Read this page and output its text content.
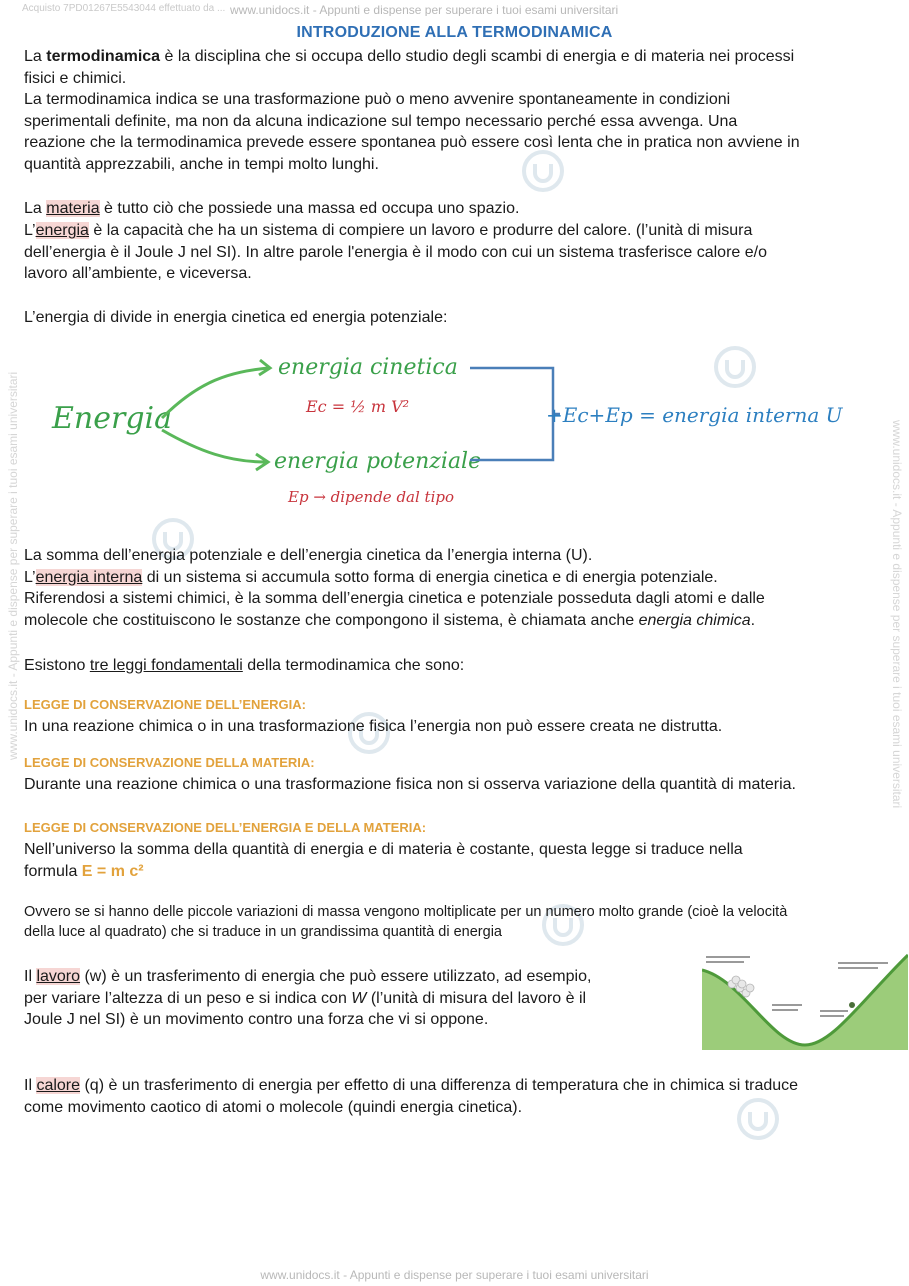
Acquisto 7PD01267E5543044 effettuato da ... www.unidocs.it - Appunti e dispense per superare i tuoi esami universitari
www.unidocs.it - Appunti e dispense per superare i tuoi esami universitari	www.unidocs.it - Appunti e dispense per superare i tuoi esami universitari
INTRODUZIONE ALLA TERMODINAMICA
La termodinamica è la disciplina che si occupa dello studio degli scambi di energia e di materia nei processi
fisici e chimici.
La termodinamica indica se una trasformazione può o meno avvenire spontaneamente in condizioni
sperimentali definite, ma non da alcuna indicazione sul tempo necessario perché essa avvenga. Una
reazione che la termodinamica prevede essere spontanea può essere così lenta che in pratica non avviene in
quantità apprezzabili, anche in tempi molto lunghi.
La materia è tutto ciò che possiede una massa ed occupa uno spazio.
L’energia è la capacità che ha un sistema di compiere un lavoro e produrre del calore. (l’unità di misura
dell’energia è il Joule J nel SI). In altre parole l'energia è il modo con cui un sistema trasferisce calore e/o
lavoro all’ambiente, e viceversa.
L’energia di divide in energia cinetica ed energia potenziale:
Energia
energia cinetica
Ec = ½ m V²
energia potenziale
Ep → dipende dal tipo
+Ec+Ep = energia interna U
La somma dell’energia potenziale e dell’energia cinetica da l’energia interna (U).
L’energia interna di un sistema si accumula sotto forma di energia cinetica e di energia potenziale.
Riferendosi a sistemi chimici, è la somma dell’energia cinetica e potenziale posseduta dagli atomi e dalle
molecole che costituiscono le sostanze che compongono il sistema, è chiamata anche energia chimica.
Esistono tre leggi fondamentali della termodinamica che sono:
LEGGE DI CONSERVAZIONE DELL’ENERGIA:
In una reazione chimica o in una trasformazione fisica l’energia non può essere creata ne distrutta.
LEGGE DI CONSERVAZIONE DELLA MATERIA:
Durante una reazione chimica o una trasformazione fisica non si osserva variazione della quantità di materia.
LEGGE DI CONSERVAZIONE DELL’ENERGIA E DELLA MATERIA:
Nell’universo la somma della quantità di energia e di materia è costante, questa legge si traduce nella
formula E = m c²
Ovvero se si hanno delle piccole variazioni di massa vengono moltiplicate per un numero molto grande (cioè la velocità
della luce al quadrato) che si traduce in un grandissima quantità di energia
Il lavoro (w) è un trasferimento di energia che può essere utilizzato, ad esempio,
per variare l’altezza di un peso e si indica con W (l’unità di misura del lavoro è il
Joule J nel SI) è un movimento contro una forza che vi si oppone.
Il calore (q) è un trasferimento di energia per effetto di una differenza di temperatura che in chimica si traduce
come movimento caotico di atomi o molecole (quindi energia cinetica).
www.unidocs.it - Appunti e dispense per superare i tuoi esami universitari
